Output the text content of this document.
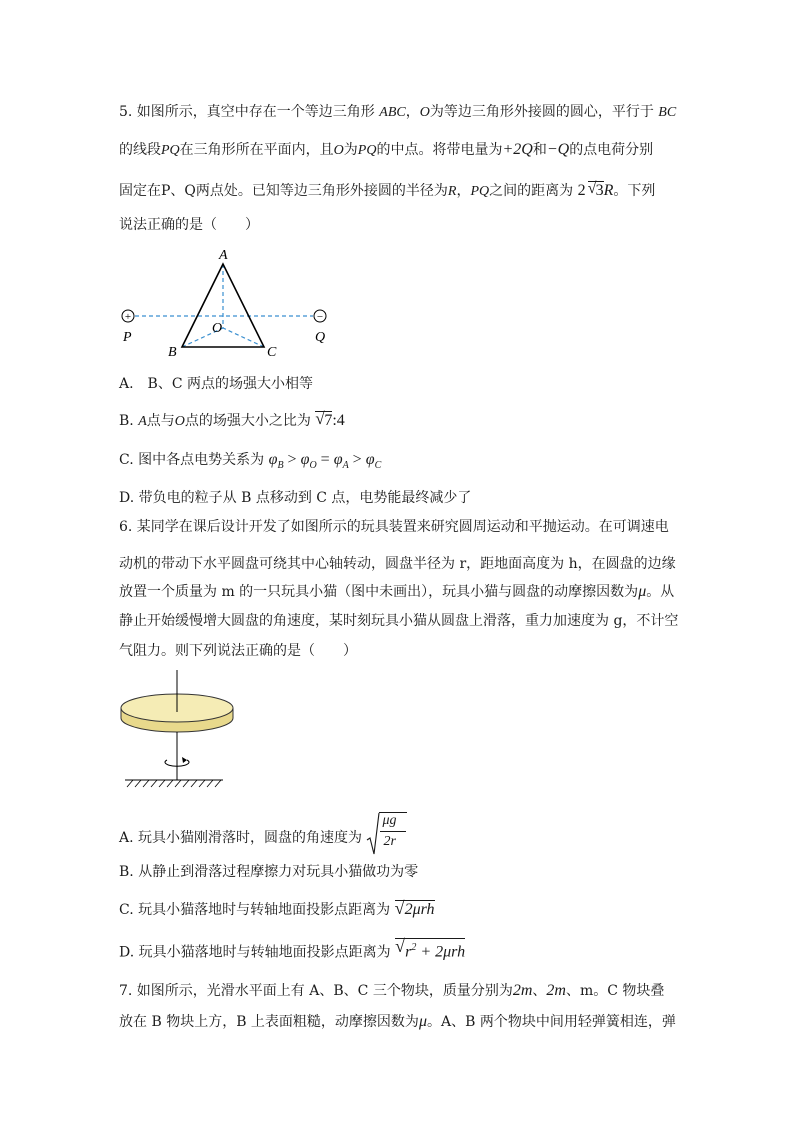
5. 如图所示，真空中存在一个等边三角形 ABC，O为等边三角形外接圆的圆心，平行于 BC
的线段PQ在三角形所在平面内，且O为PQ的中点。将带电量为+2Q和−Q的点电荷分别
固定在P、Q两点处。已知等边三角形外接圆的半径为R，PQ之间的距离为 2 √ 3R。下列
说法正确的是（　　）
+	−
A
O
B	C
P	Q
A.　B、C 两点的场强大小相等
B. A点与O点的场强大小之比为 √ 7:4
C. 图中各点电势关系为 $\varphi_B > \varphi_O = \varphi_A > \varphi_C$
D. 带负电的粒子从 B 点移动到 C 点，电势能最终减少了
6. 某同学在课后设计开发了如图所示的玩具装置来研究圆周运动和平抛运动。在可调速电
动机的带动下水平圆盘可绕其中心轴转动，圆盘半径为 r，距地面高度为 h，在圆盘的边缘
放置一个质量为 m 的一只玩具小猫（图中未画出），玩具小猫与圆盘的动摩擦因数为μ。从
静止开始缓慢增大圆盘的角速度，某时刻玩具小猫从圆盘上滑落，重力加速度为 g，不计空
气阻力。则下列说法正确的是（　　）
A. 玩具小猫刚滑落时，圆盘的角速度为 $\frac{\mu g}{2r}$
B. 从静止到滑落过程摩擦力对玩具小猫做功为零
C. 玩具小猫落地时与转轴地面投影点距离为 √ 2μrh
D. 玩具小猫落地时与转轴地面投影点距离为 √ $r^2 + 2\mu rh$
7. 如图所示，光滑水平面上有 A、B、C 三个物块，质量分别为2m、2m、m。C 物块叠
放在 B 物块上方，B 上表面粗糙，动摩擦因数为μ。A、B 两个物块中间用轻弹簧相连，弹
